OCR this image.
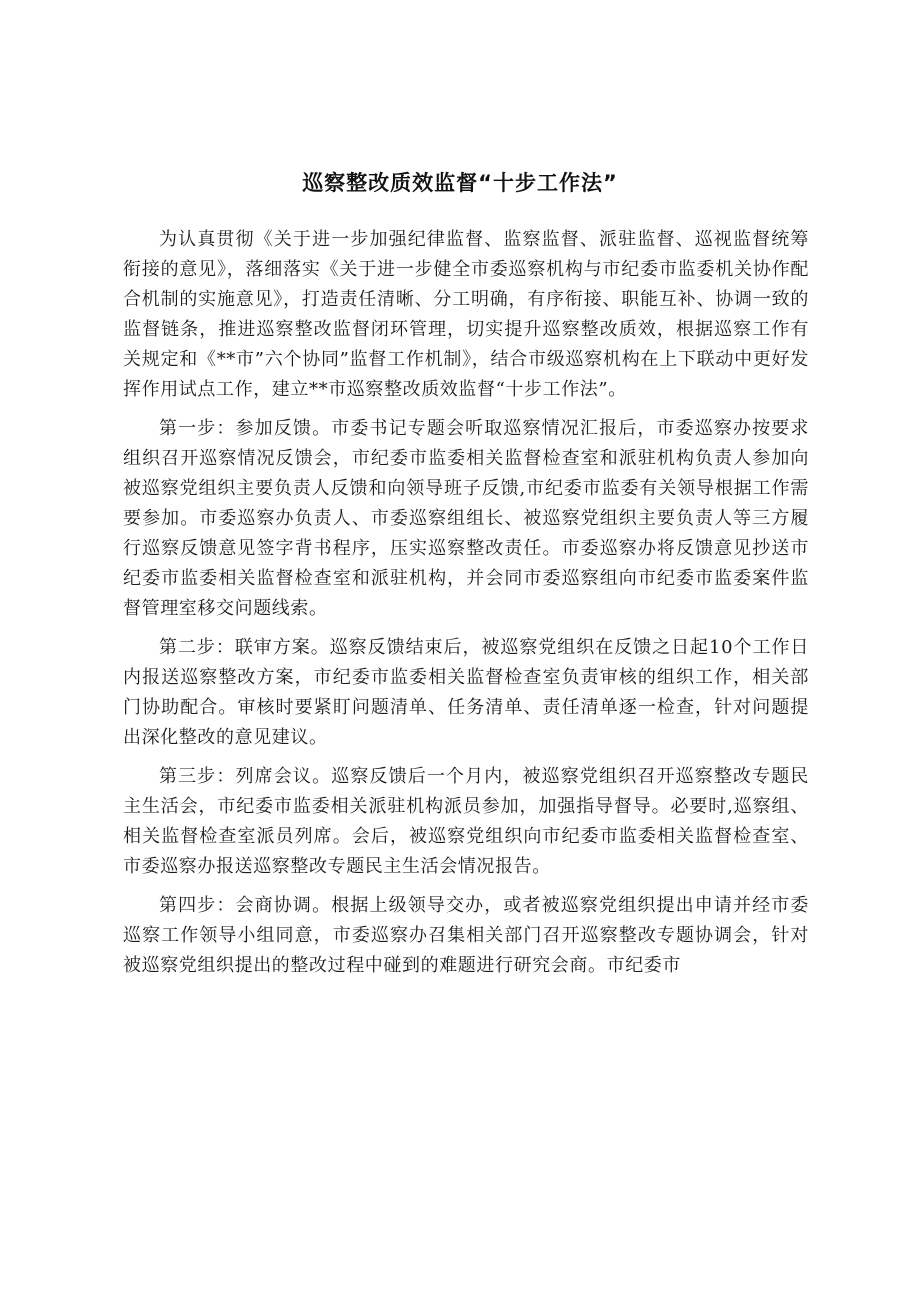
巡察整改质效监督“十步工作法”

为认真贯彻《关于进一步加强纪律监督、监察监督、派驻监督、巡视监督统筹衔接的意见》，落细落实《关于进一步健全市委巡察机构与市纪委市监委机关协作配合机制的实施意见》，打造责任清晰、分工明确，有序衔接、职能互补、协调一致的监督链条，推进巡察整改监督闭环管理，切实提升巡察整改质效，根据巡察工作有关规定和《**市”六个协同”监督工作机制》，结合市级巡察机构在上下联动中更好发挥作用试点工作，建立**市巡察整改质效监督“十步工作法”。

第一步：参加反馈。市委书记专题会听取巡察情况汇报后，市委巡察办按要求组织召开巡察情况反馈会，市纪委市监委相关监督检查室和派驻机构负责人参加向被巡察党组织主要负责人反馈和向领导班子反馈,市纪委市监委有关领导根据工作需要参加。市委巡察办负责人、市委巡察组组长、被巡察党组织主要负责人等三方履行巡察反馈意见签字背书程序，压实巡察整改责任。市委巡察办将反馈意见抄送市纪委市监委相关监督检查室和派驻机构，并会同市委巡察组向市纪委市监委案件监督管理室移交问题线索。

第二步：联审方案。巡察反馈结束后，被巡察党组织在反馈之日起10个工作日内报送巡察整改方案，市纪委市监委相关监督检查室负责审核的组织工作，相关部门协助配合。审核时要紧盯问题清单、任务清单、责任清单逐一检查，针对问题提出深化整改的意见建议。

第三步：列席会议。巡察反馈后一个月内，被巡察党组织召开巡察整改专题民主生活会，市纪委市监委相关派驻机构派员参加，加强指导督导。必要时,巡察组、相关监督检查室派员列席。会后，被巡察党组织向市纪委市监委相关监督检查室、市委巡察办报送巡察整改专题民主生活会情况报告。

第四步：会商协调。根据上级领导交办，或者被巡察党组织提出申请并经市委巡察工作领导小组同意，市委巡察办召集相关部门召开巡察整改专题协调会，针对被巡察党组织提出的整改过程中碰到的难题进行研究会商。市纪委市
